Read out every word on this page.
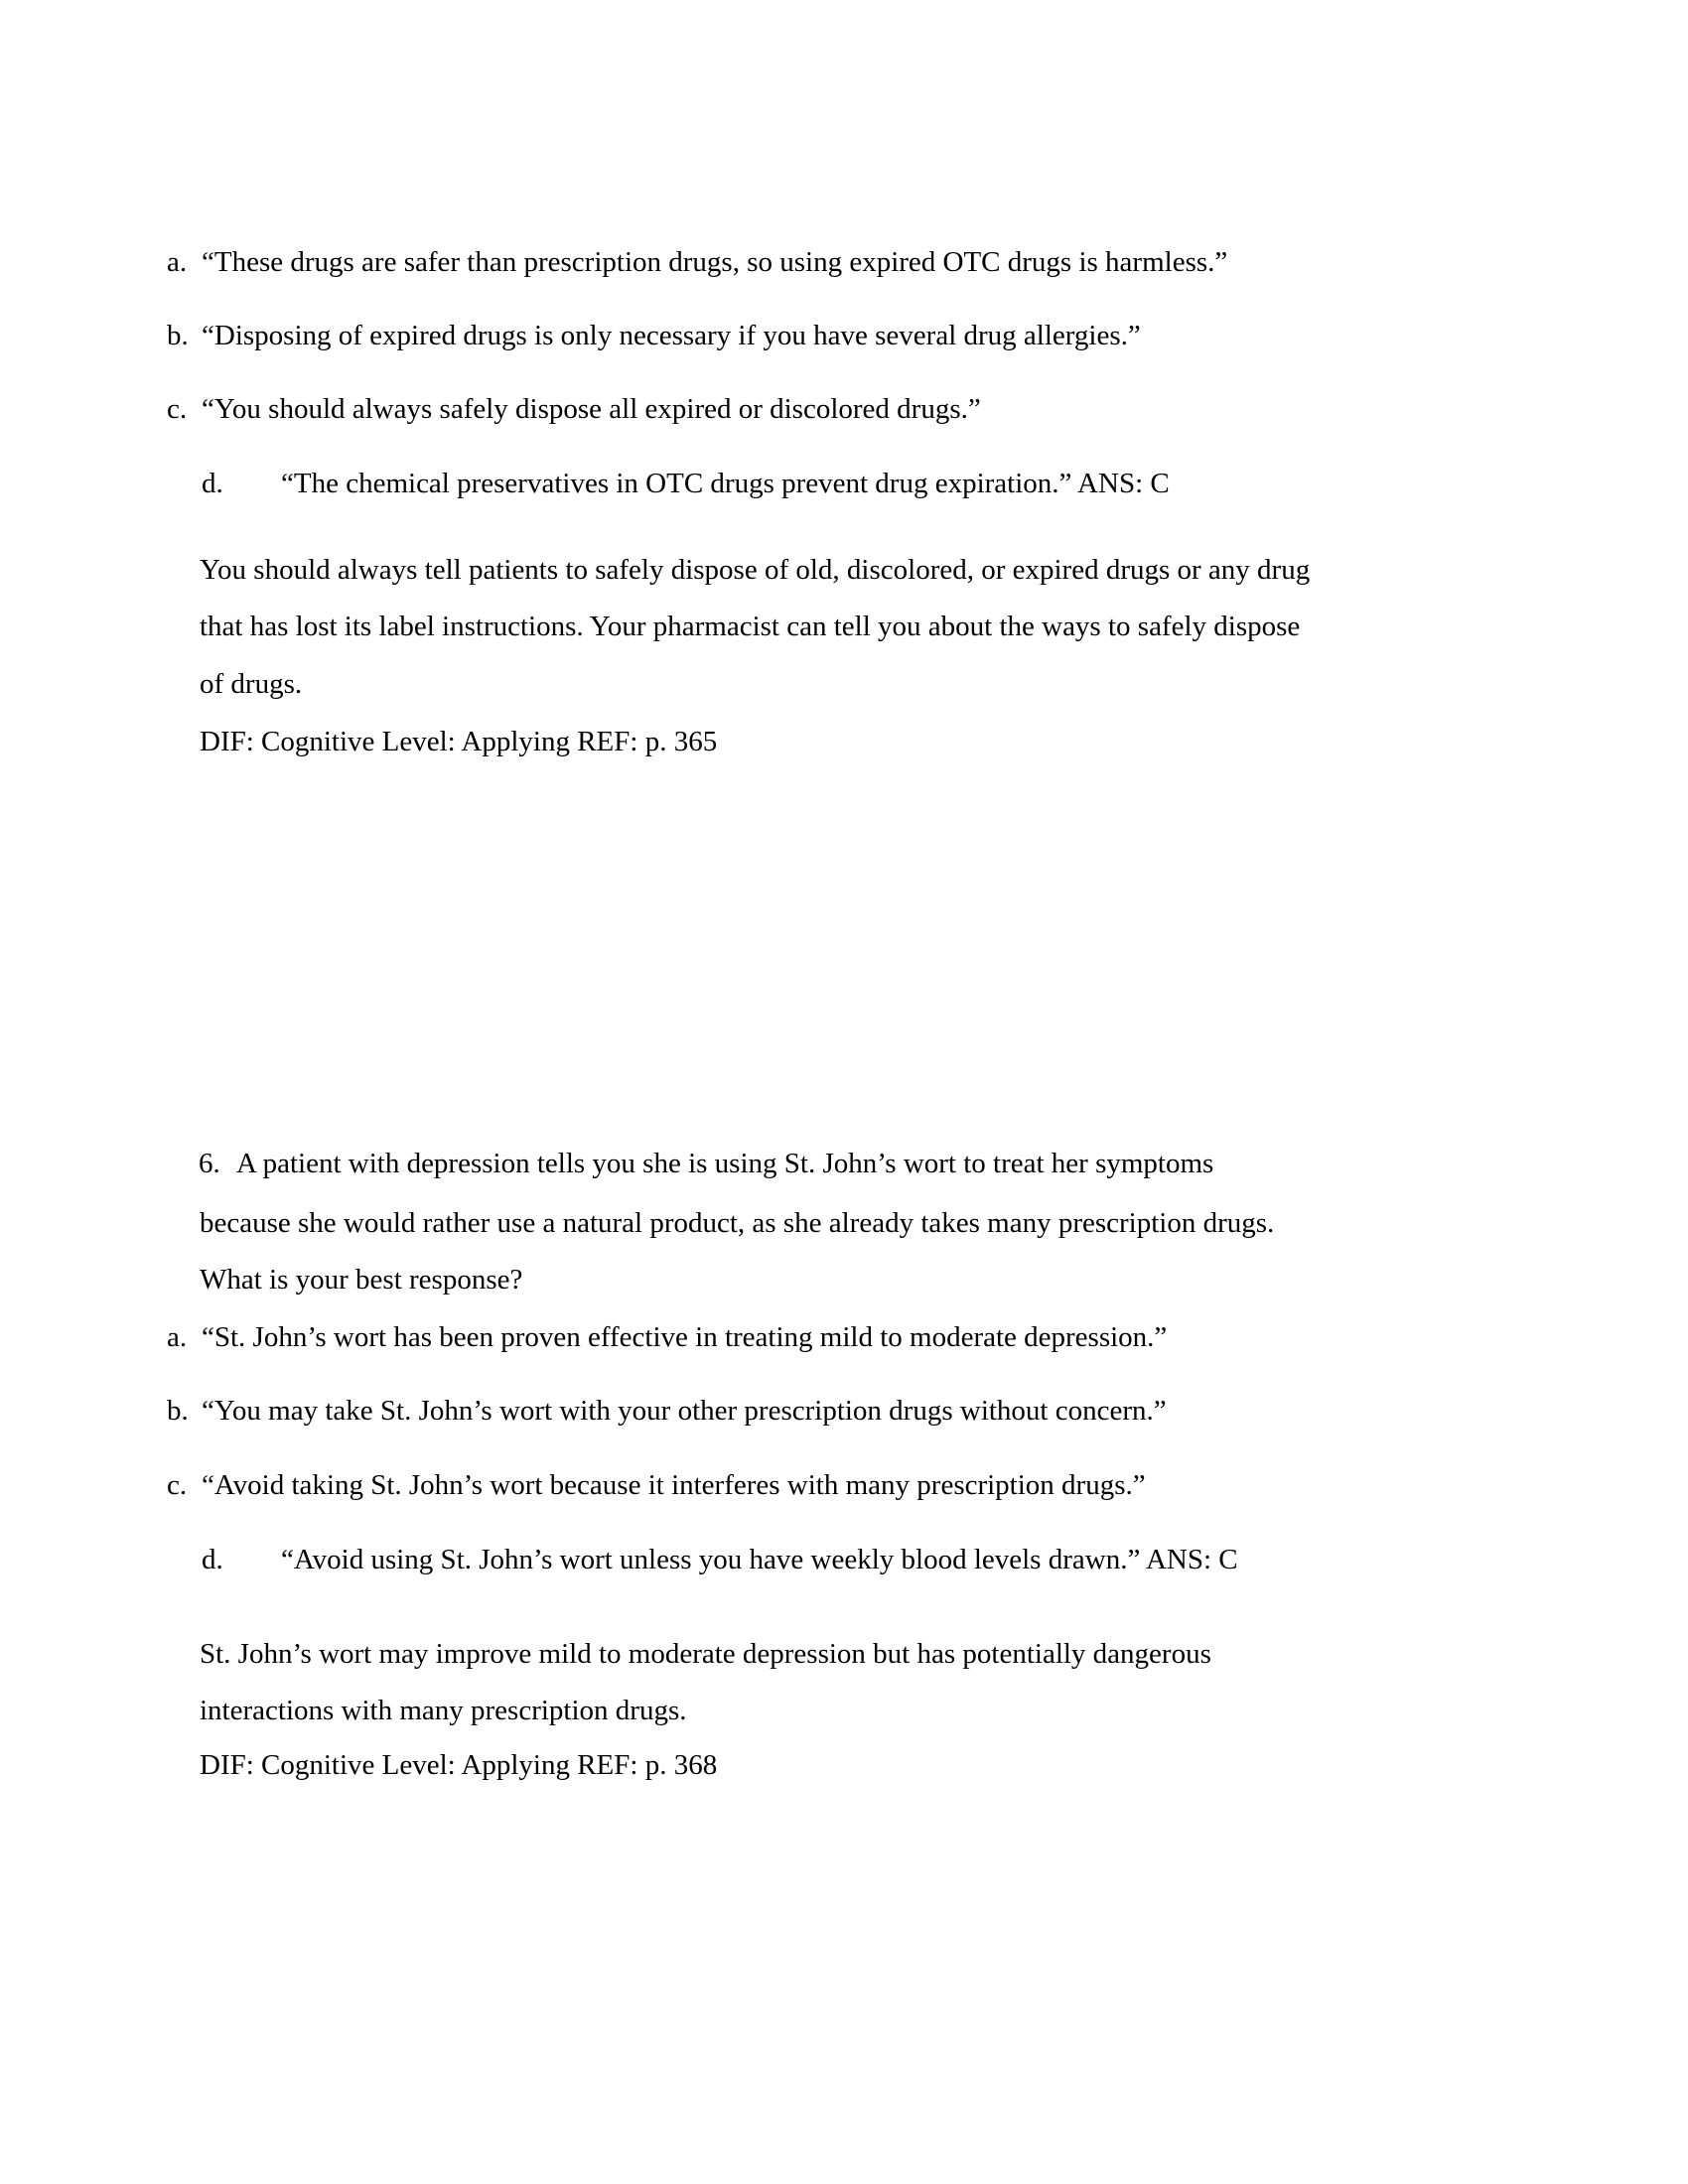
a. “These drugs are safer than prescription drugs, so using expired OTC drugs is harmless.”
b. “Disposing of expired drugs is only necessary if you have several drug allergies.”
c. “You should always safely dispose all expired or discolored drugs.”
d. “The chemical preservatives in OTC drugs prevent drug expiration.” ANS: C
You should always tell patients to safely dispose of old, discolored, or expired drugs or any drug
that has lost its label instructions. Your pharmacist can tell you about the ways to safely dispose
of drugs.
DIF: Cognitive Level: Applying REF: p. 365
6. A patient with depression tells you she is using St. John’s wort to treat her symptoms
because she would rather use a natural product, as she already takes many prescription drugs.
What is your best response?
a. “St. John’s wort has been proven effective in treating mild to moderate depression.”
b. “You may take St. John’s wort with your other prescription drugs without concern.”
c. “Avoid taking St. John’s wort because it interferes with many prescription drugs.”
d. “Avoid using St. John’s wort unless you have weekly blood levels drawn.” ANS: C
St. John’s wort may improve mild to moderate depression but has potentially dangerous
interactions with many prescription drugs.
DIF: Cognitive Level: Applying REF: p. 368
